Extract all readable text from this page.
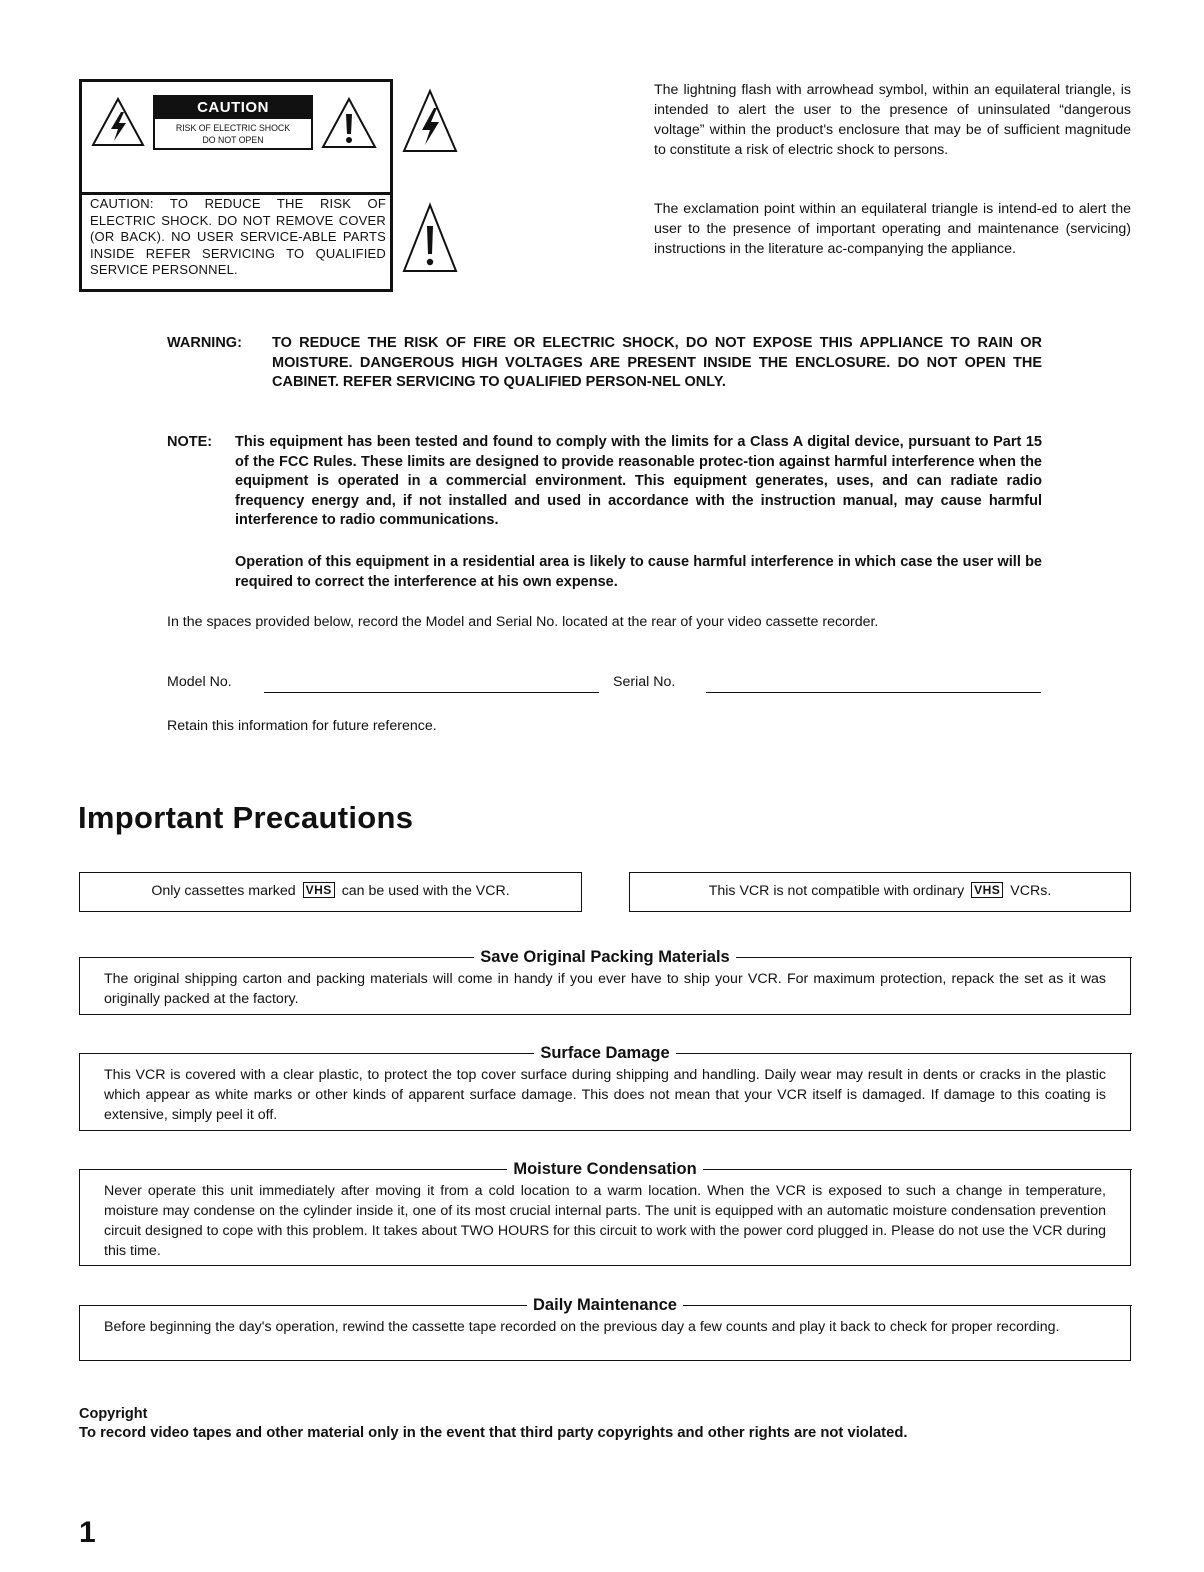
CAUTION
RISK OF ELECTRIC SHOCK
DO NOT OPEN
CAUTION: TO REDUCE THE RISK OF ELECTRIC SHOCK. DO NOT REMOVE COVER (OR BACK). NO USER SERVICE-ABLE PARTS INSIDE REFER SERVICING TO QUALIFIED SERVICE PERSONNEL.
The lightning flash with arrowhead symbol, within an equilateral triangle, is intended to alert the user to the presence of uninsulated “dangerous voltage” within the product's enclosure that may be of sufficient magnitude to constitute a risk of electric shock to persons.
The exclamation point within an equilateral triangle is intend-ed to alert the user to the presence of important operating and maintenance (servicing) instructions in the literature ac-companying the appliance.
WARNING: TO REDUCE THE RISK OF FIRE OR ELECTRIC SHOCK, DO NOT EXPOSE THIS APPLIANCE TO RAIN OR MOISTURE. DANGEROUS HIGH VOLTAGES ARE PRESENT INSIDE THE ENCLOSURE. DO NOT OPEN THE CABINET. REFER SERVICING TO QUALIFIED PERSON-NEL ONLY.
NOTE: This equipment has been tested and found to comply with the limits for a Class A digital device, pursuant to Part 15 of the FCC Rules. These limits are designed to provide reasonable protec-tion against harmful interference when the equipment is operated in a commercial environment. This equipment generates, uses, and can radiate radio frequency energy and, if not installed and used in accordance with the instruction manual, may cause harmful interference to radio communications.
Operation of this equipment in a residential area is likely to cause harmful interference in which case the user will be required to correct the interference at his own expense.
In the spaces provided below, record the Model and Serial No. located at the rear of your video cassette recorder.
Model No.	Serial No.
Retain this information for future reference.
Important Precautions
Only cassettes marked VHS can be used with the VCR.	This VCR is not compatible with ordinary VHS VCRs.
Save Original Packing Materials
The original shipping carton and packing materials will come in handy if you ever have to ship your VCR. For maximum protection, repack the set as it was originally packed at the factory.
Surface Damage
This VCR is covered with a clear plastic, to protect the top cover surface during shipping and handling. Daily wear may result in dents or cracks in the plastic which appear as white marks or other kinds of apparent surface damage. This does not mean that your VCR itself is damaged. If damage to this coating is extensive, simply peel it off.
Moisture Condensation
Never operate this unit immediately after moving it from a cold location to a warm location. When the VCR is exposed to such a change in temperature, moisture may condense on the cylinder inside it, one of its most crucial internal parts. The unit is equipped with an automatic moisture condensation prevention circuit designed to cope with this problem. It takes about TWO HOURS for this circuit to work with the power cord plugged in. Please do not use the VCR during this time.
Daily Maintenance
Before beginning the day's operation, rewind the cassette tape recorded on the previous day a few counts and play it back to check for proper recording.
Copyright
To record video tapes and other material only in the event that third party copyrights and other rights are not violated.
1
